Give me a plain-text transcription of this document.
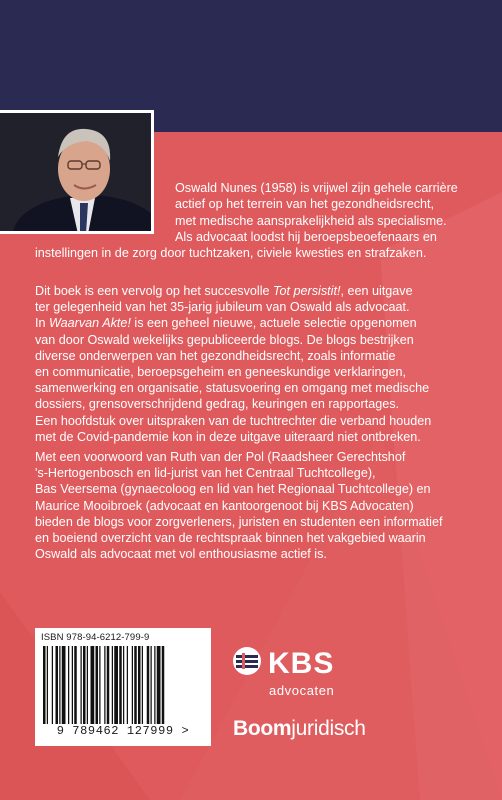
Oswald Nunes (1958) is vrijwel zijn gehele carrière
actief op het terrein van het gezondheidsrecht,
met medische aansprakelijkheid als specialisme.
Als advocaat loodst hij beroepsbeoefenaars en
instellingen in de zorg door tuchtzaken, civiele kwesties en strafzaken.
Dit boek is een vervolg op het succesvolle Tot persistit!, een uitgave
ter gelegenheid van het 35-jarig jubileum van Oswald als advocaat.
In Waarvan Akte! is een geheel nieuwe, actuele selectie opgenomen
van door Oswald wekelijks gepubliceerde blogs. De blogs bestrijken
diverse onderwerpen van het gezondheidsrecht, zoals informatie
en communicatie, beroepsgeheim en geneeskundige verklaringen,
samenwerking en organisatie, statusvoering en omgang met medische
dossiers, grensoverschrijdend gedrag, keuringen en rapportages.
Een hoofdstuk over uitspraken van de tuchtrechter die verband houden
met de Covid-pandemie kon in deze uitgave uiteraard niet ontbreken.
Met een voorwoord van Ruth van der Pol (Raadsheer Gerechtshof
's-Hertogenbosch en lid-jurist van het Centraal Tuchtcollege),
Bas Veersema (gynaecoloog en lid van het Regionaal Tuchtcollege) en
Maurice Mooibroek (advocaat en kantoorgenoot bij KBS Advocaten)
bieden de blogs voor zorgverleners, juristen en studenten een informatief
en boeiend overzicht van de rechtspraak binnen het vakgebied waarin
Oswald als advocaat met vol enthousiasme actief is.
ISBN 978-94-6212-799-9
9 789462 127999 >
KBS
advocaten
Boomjuridisch
